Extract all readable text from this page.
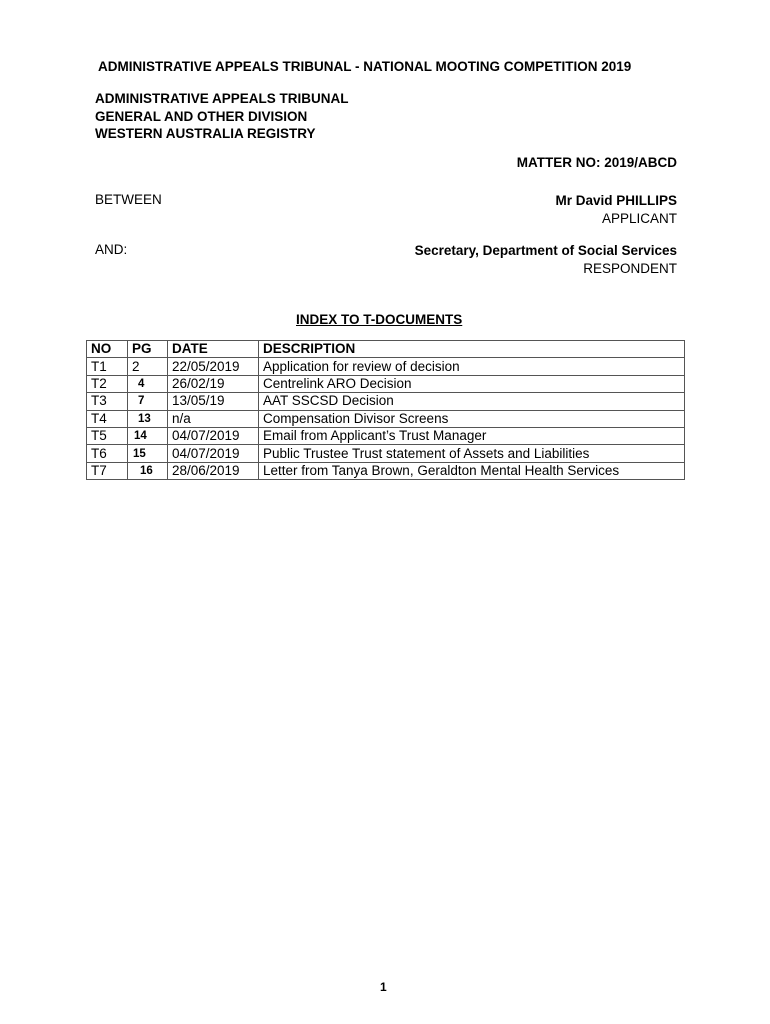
ADMINISTRATIVE APPEALS TRIBUNAL - NATIONAL MOOTING COMPETITION 2019
ADMINISTRATIVE APPEALS TRIBUNAL
GENERAL AND OTHER DIVISION
WESTERN AUSTRALIA REGISTRY
MATTER NO: 2019/ABCD
BETWEEN	Mr David PHILLIPS
APPLICANT
AND:	Secretary, Department of Social Services
RESPONDENT
INDEX TO T-DOCUMENTS
NO	PG	DATE	DESCRIPTION
T1	2	22/05/2019	Application for review of decision
T2	4	26/02/19	Centrelink ARO Decision
T3	7	13/05/19	AAT SSCSD Decision
T4	13	n/a	Compensation Divisor Screens
T5	14	04/07/2019	Email from Applicant’s Trust Manager
T6	15	04/07/2019	Public Trustee Trust statement of Assets and Liabilities
T7	16	28/06/2019	Letter from Tanya Brown, Geraldton Mental Health Services
1
